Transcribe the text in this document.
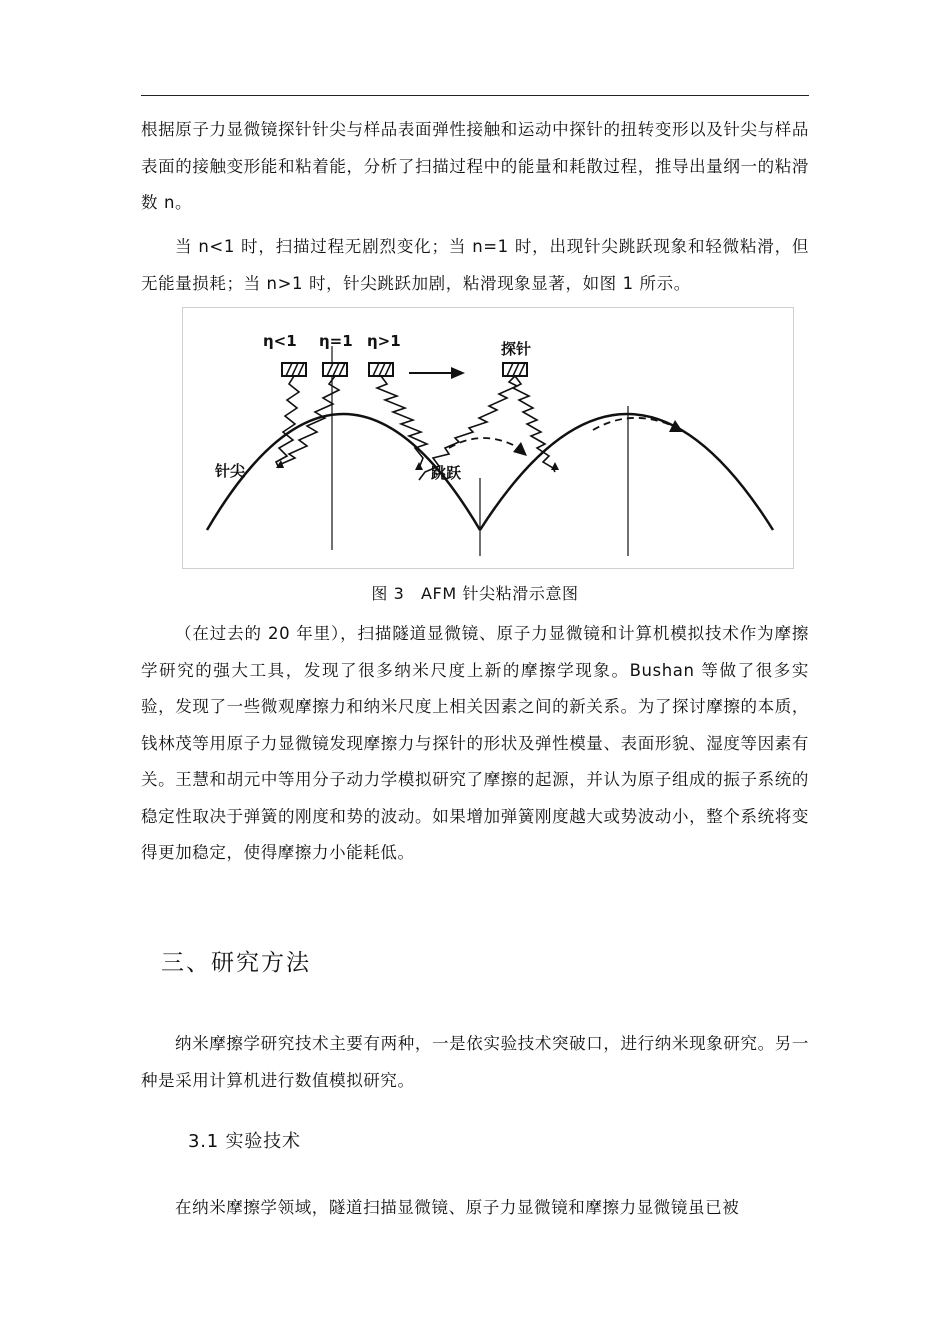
根据原子力显微镜探针针尖与样品表面弹性接触和运动中探针的扭转变形以及针尖与样品表面的接触变形能和粘着能，分析了扫描过程中的能量和耗散过程，推导出量纲一的粘滑数 n。

当 n<1 时，扫描过程无剧烈变化；当 n=1 时，出现针尖跳跃现象和轻微粘滑，但无能量损耗；当 n>1 时，针尖跳跃加剧，粘滑现象显著，如图 1 所示。

η<1 η=1 η>1	探针
针尖	跳跃
图 3　AFM 针尖粘滑示意图

（在过去的 20 年里），扫描隧道显微镜、原子力显微镜和计算机模拟技术作为摩擦学研究的强大工具，发现了很多纳米尺度上新的摩擦学现象。Bushan 等做了很多实验，发现了一些微观摩擦力和纳米尺度上相关因素之间的新关系。为了探讨摩擦的本质，钱林茂等用原子力显微镜发现摩擦力与探针的形状及弹性模量、表面形貌、湿度等因素有关。王慧和胡元中等用分子动力学模拟研究了摩擦的起源，并认为原子组成的振子系统的稳定性取决于弹簧的刚度和势的波动。如果增加弹簧刚度越大或势波动小，整个系统将变得更加稳定，使得摩擦力小能耗低。

三、研究方法

纳米摩擦学研究技术主要有两种，一是依实验技术突破口，进行纳米现象研究。另一种是采用计算机进行数值模拟研究。

3.1 实验技术

在纳米摩擦学领域，隧道扫描显微镜、原子力显微镜和摩擦力显微镜虽已被
